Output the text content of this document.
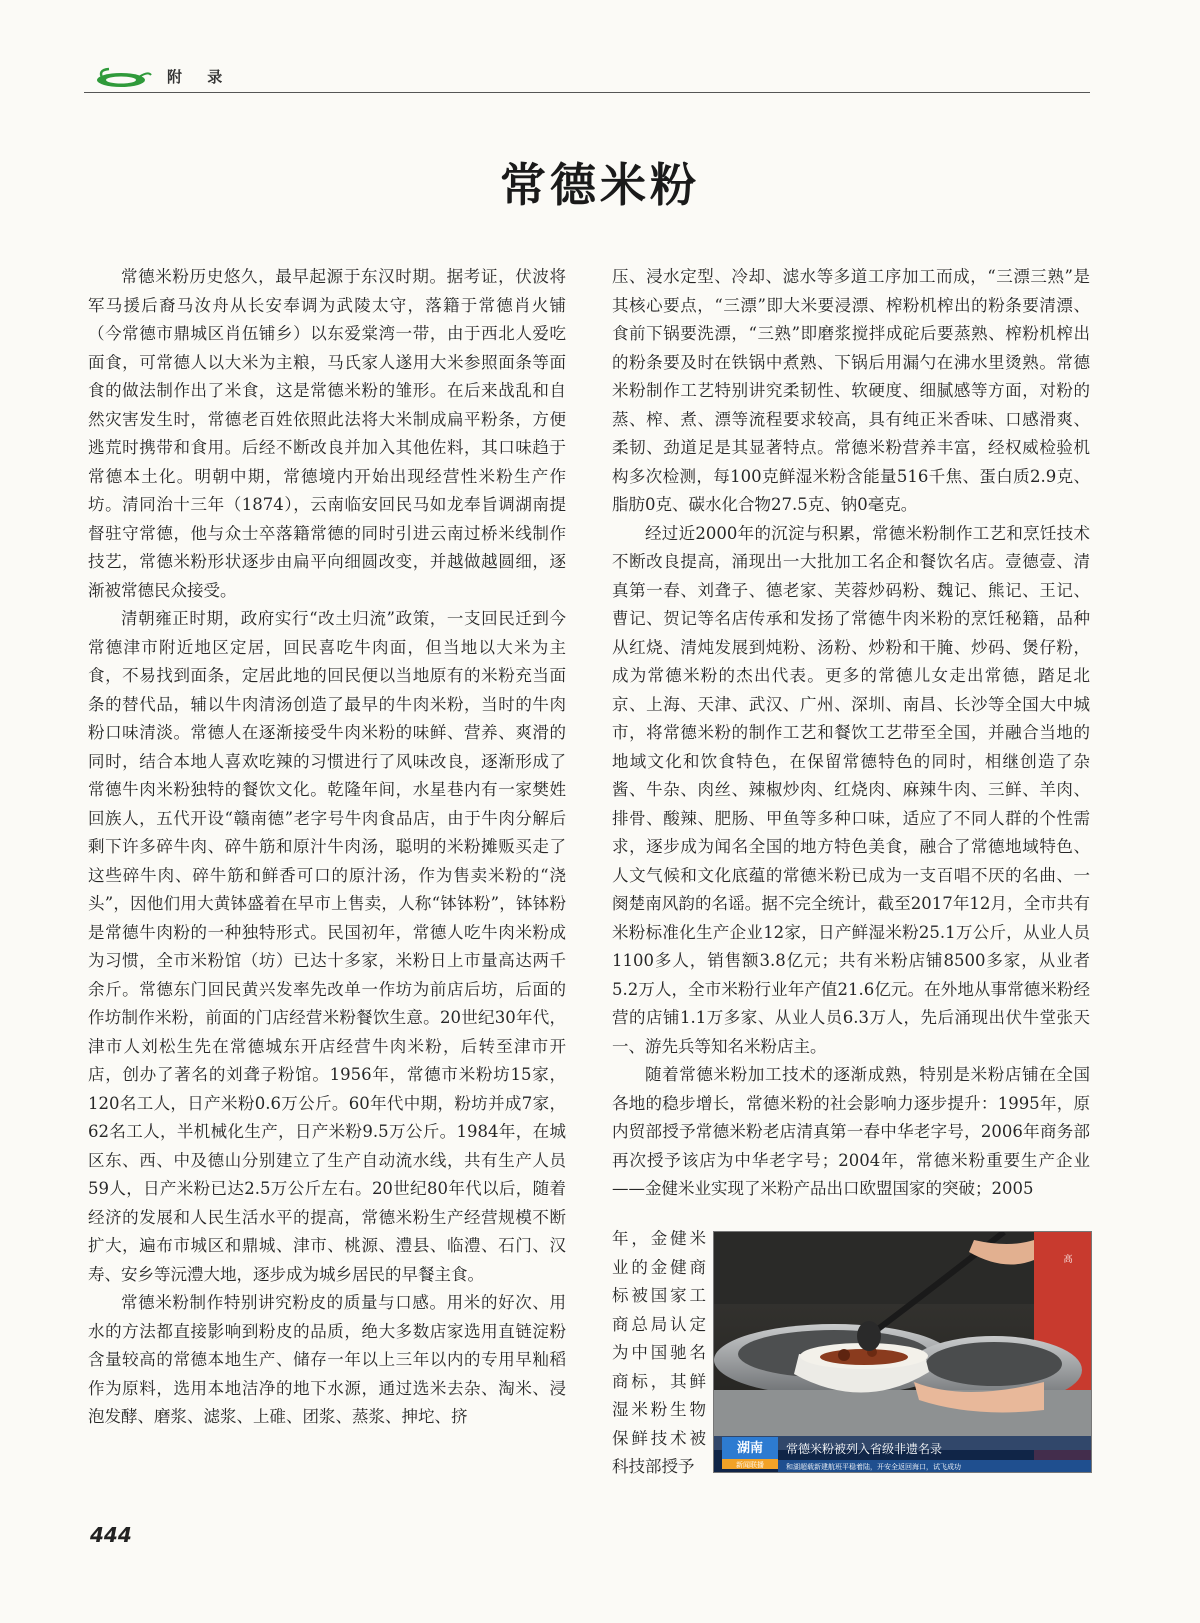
附 录
常德米粉

常德米粉历史悠久，最早起源于东汉时期。据考证，伏波将军马援后裔马汝舟从长安奉调为武陵太守，落籍于常德肖火铺（今常德市鼎城区肖伍铺乡）以东爱棠湾一带，由于西北人爱吃面食，可常德人以大米为主粮，马氏家人遂用大米参照面条等面食的做法制作出了米食，这是常德米粉的雏形。在后来战乱和自然灾害发生时，常德老百姓依照此法将大米制成扁平粉条，方便逃荒时携带和食用。后经不断改良并加入其他佐料，其口味趋于常德本土化。明朝中期，常德境内开始出现经营性米粉生产作坊。清同治十三年（1874），云南临安回民马如龙奉旨调湖南提督驻守常德，他与众士卒落籍常德的同时引进云南过桥米线制作技艺，常德米粉形状逐步由扁平向细圆改变，并越做越圆细，逐渐被常德民众接受。

清朝雍正时期，政府实行“改土归流”政策，一支回民迁到今常德津市附近地区定居，回民喜吃牛肉面，但当地以大米为主食，不易找到面条，定居此地的回民便以当地原有的米粉充当面条的替代品，辅以牛肉清汤创造了最早的牛肉米粉，当时的牛肉粉口味清淡。常德人在逐渐接受牛肉米粉的味鲜、营养、爽滑的同时，结合本地人喜欢吃辣的习惯进行了风味改良，逐渐形成了常德牛肉米粉独特的餐饮文化。乾隆年间，水星巷内有一家樊姓回族人，五代开设“赣南德”老字号牛肉食品店，由于牛肉分解后剩下许多碎牛肉、碎牛筋和原汁牛肉汤，聪明的米粉摊贩买走了这些碎牛肉、碎牛筋和鲜香可口的原汁汤，作为售卖米粉的“浇头”，因他们用大黄钵盛着在早市上售卖，人称“钵钵粉”，钵钵粉是常德牛肉粉的一种独特形式。民国初年，常德人吃牛肉米粉成为习惯，全市米粉馆（坊）已达十多家，米粉日上市量高达两千余斤。常德东门回民黄兴发率先改单一作坊为前店后坊，后面的作坊制作米粉，前面的门店经营米粉餐饮生意。20世纪30年代，津市人刘松生先在常德城东开店经营牛肉米粉，后转至津市开店，创办了著名的刘聋子粉馆。1956年，常德市米粉坊15家，120名工人，日产米粉0.6万公斤。60年代中期，粉坊并成7家，62名工人，半机械化生产，日产米粉9.5万公斤。1984年，在城区东、西、中及德山分别建立了生产自动流水线，共有生产人员59人，日产米粉已达2.5万公斤左右。20世纪80年代以后，随着经济的发展和人民生活水平的提高，常德米粉生产经营规模不断扩大，遍布市城区和鼎城、津市、桃源、澧县、临澧、石门、汉寿、安乡等沅澧大地，逐步成为城乡居民的早餐主食。

常德米粉制作特别讲究粉皮的质量与口感。用米的好次、用水的方法都直接影响到粉皮的品质，绝大多数店家选用直链淀粉含量较高的常德本地生产、储存一年以上三年以内的专用早籼稻作为原料，选用本地洁净的地下水源，通过选米去杂、淘米、浸泡发酵、磨浆、滤浆、上碓、团浆、蒸浆、抻坨、挤

压、浸水定型、冷却、滤水等多道工序加工而成，“三漂三熟”是其核心要点，“三漂”即大米要浸漂、榨粉机榨出的粉条要清漂、食前下锅要洗漂，“三熟”即磨浆搅拌成砣后要蒸熟、榨粉机榨出的粉条要及时在铁锅中煮熟、下锅后用漏勺在沸水里烫熟。常德米粉制作工艺特别讲究柔韧性、软硬度、细腻感等方面，对粉的蒸、榨、煮、漂等流程要求较高，具有纯正米香味、口感滑爽、柔韧、劲道足是其显著特点。常德米粉营养丰富，经权威检验机构多次检测，每100克鲜湿米粉含能量516千焦、蛋白质2.9克、脂肪0克、碳水化合物27.5克、钠0毫克。

经过近2000年的沉淀与积累，常德米粉制作工艺和烹饪技术不断改良提高，涌现出一大批加工名企和餐饮名店。壹德壹、清真第一春、刘聋子、德老家、芙蓉炒码粉、魏记、熊记、王记、曹记、贺记等名店传承和发扬了常德牛肉米粉的烹饪秘籍，品种从红烧、清炖发展到炖粉、汤粉、炒粉和干腌、炒码、煲仔粉，成为常德米粉的杰出代表。更多的常德儿女走出常德，踏足北京、上海、天津、武汉、广州、深圳、南昌、长沙等全国大中城市，将常德米粉的制作工艺和餐饮工艺带至全国，并融合当地的地域文化和饮食特色，在保留常德特色的同时，相继创造了杂酱、牛杂、肉丝、辣椒炒肉、红烧肉、麻辣牛肉、三鲜、羊肉、排骨、酸辣、肥肠、甲鱼等多种口味，适应了不同人群的个性需求，逐步成为闻名全国的地方特色美食，融合了常德地域特色、人文气候和文化底蕴的常德米粉已成为一支百唱不厌的名曲、一阕楚南风韵的名谣。据不完全统计，截至2017年12月，全市共有米粉标准化生产企业12家，日产鲜湿米粉25.1万公斤，从业人员1100多人，销售额3.8亿元；共有米粉店铺8500多家，从业者5.2万人，全市米粉行业年产值21.6亿元。在外地从事常德米粉经营的店铺1.1万多家、从业人员6.3万人，先后涌现出伏牛堂张天一、游先兵等知名米粉店主。

随着常德米粉加工技术的逐渐成熟，特别是米粉店铺在全国各地的稳步增长，常德米粉的社会影响力逐步提升：1995年，原内贸部授予常德米粉老店清真第一春中华老字号，2006年商务部再次授予该店为中华老字号；2004年，常德米粉重要生产企业——金健米业实现了米粉产品出口欧盟国家的突破；2005

年，金健米业的金健商标被国家工商总局认定为中国驰名商标，其鲜湿米粉生物保鲜技术被科技部授予

湖南
新闻联播
常德米粉被列入省级非遗名录
和湖超载新建航班平稳着陆，开安全返回海口，试飞成功
高
444
